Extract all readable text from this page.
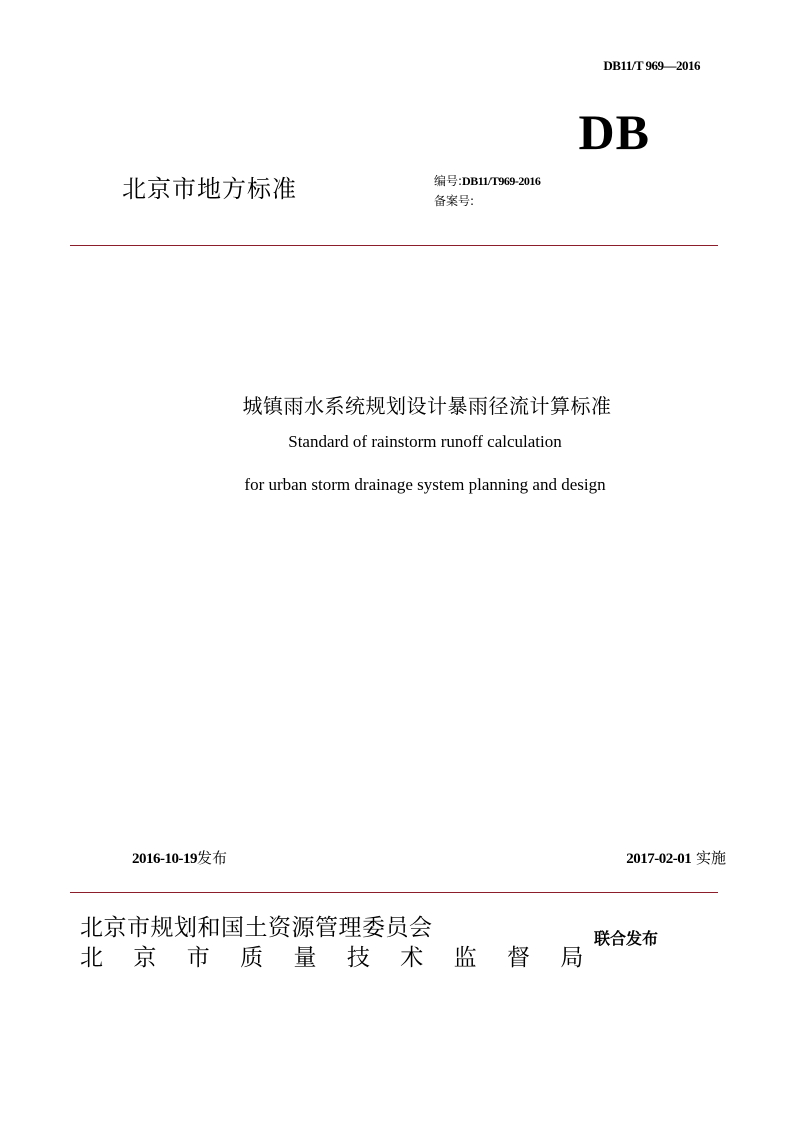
DB11/T 969—2016
DB
北京市地方标准	编号:DB11/T969-2016
备案号:
城镇雨水系统规划设计暴雨径流计算标准
Standard of rainstorm runoff calculation
for urban storm drainage system planning and design
2016-10-19发布	2017-02-01 实施
北京市规划和国土资源管理委员会
北 京 市 质 量 技 术 监 督 局
联合发布
